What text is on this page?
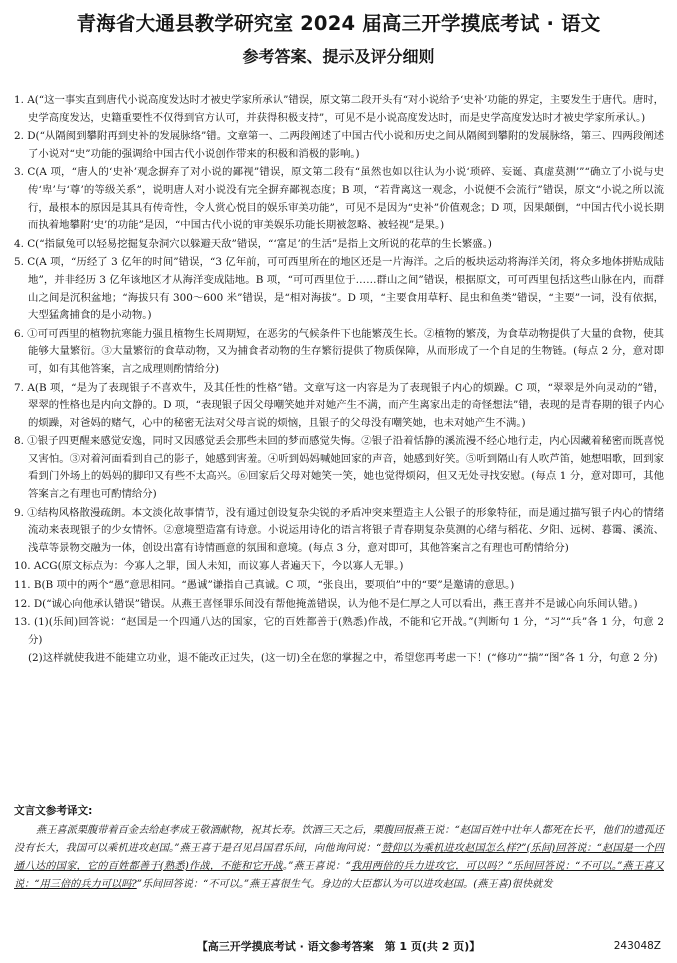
青海省大通县教学研究室 2024 届高三开学摸底考试 · 语文
参考答案、提示及评分细则

1. A(“这一事实直到唐代小说高度发达时才被史学家所承认”错误，原文第二段开头有“对小说给予‘史补’功能的界定，主要发生于唐代。唐时，史学高度发达，史籍重要性不仅得到官方认可，并获得积极支持”，可见不是小说高度发达时，而是史学高度发达时才被史学家所承认。)

2. D(“从隔阂到攀附再到史补的发展脉络”错。文章第一、二两段阐述了中国古代小说和历史之间从隔阂到攀附的发展脉络，第三、四两段阐述了小说对“史”功能的强调给中国古代小说创作带来的积极和消极的影响。)

3. C(A 项，“唐人的‘史补’观念摒弃了对小说的鄙视”错误，原文第二段有“虽然也如以往认为小说‘琐碎、妄诞、真虚莫测’”“确立了小说与史传‘卑’与‘尊’的等级关系”，说明唐人对小说没有完全摒弃鄙视态度；B 项，“若背离这一观念，小说便不会流行”错误，原文“小说之所以流行，最根本的原因是其具有传奇性，令人赏心悦目的娱乐审美功能”，可见不是因为“史补”价值观念；D 项，因果颠倒，“中国古代小说长期而执着地攀附‘史’的功能”是因，“中国古代小说的审美娱乐功能长期被忽略、被轻视”是果。)

4. C(“指鼠兔可以轻易挖掘复杂洞穴以躲避天敌”错误，“‘富足’的生活”是指上文所说的花草的生长繁盛。)

5. C(A 项，“历经了 3 亿年的时间”错误，“3 亿年前，可可西里所在的地区还是一片海洋。之后的板块运动将海洋关闭，将众多地体拼贴成陆地”，并非经历 3 亿年该地区才从海洋变成陆地。B 项，“可可西里位于……群山之间”错误，根据原文，可可西里包括这些山脉在内，而群山之间是沉积盆地；“海拔只有 300～600 米”错误，是“相对海拔”。D 项，“主要食用草籽、昆虫和鱼类”错误，“主要”一词，没有依据，大型猛禽捕食的是小动物。)

6. ①可可西里的植物抗寒能力强且植物生长周期短，在恶劣的气候条件下也能繁茂生长。②植物的繁茂，为食草动物提供了大量的食物，使其能够大量繁衍。③大量繁衍的食草动物，又为捕食者动物的生存繁衍提供了物质保障，从而形成了一个自足的生物链。(每点 2 分，意对即可，如有其他答案，言之成理则酌情给分)

7. A(B 项，“是为了表现银子不喜欢牛，及其任性的性格”错。文章写这一内容是为了表现银子内心的烦躁。C 项，“翠翠是外向灵动的”错，翠翠的性格也是内向文静的。D 项，“表现银子因父母嘲笑她并对她产生不满，而产生离家出走的奇怪想法”错，表现的是青春期的银子内心的烦躁，对爸妈的赌气，心中的秘密无法对父母言说的烦恼，且银子的父母没有嘲笑她，也未对她产生不满。)

8. ①银子四更醒来感觉安逸，同时又因感觉丢会那些未回的梦而感觉失悔。②银子沿着恬静的溪流漫不经心地行走，内心因藏着秘密而既喜悦又害怕。③对着河面看到自己的影子，她感到害羞。④听到妈妈喊她回家的声音，她感到好笑。⑤听到隔山有人吹芦笛，她想唱歌，回到家看到门外场上的妈妈的脚印又有些不太高兴。⑥回家后父母对她笑一笑，她也觉得烦闷，但又无处寻找安慰。(每点 1 分，意对即可，其他答案言之有理也可酌情给分)

9. ①结构风格散漫疏朗。本文淡化故事情节，没有通过创设复杂尖锐的矛盾冲突来塑造主人公银子的形象特征，而是通过描写银子内心的情绪流动来表现银子的少女情怀。②意境塑造富有诗意。小说运用诗化的语言将银子青春期复杂莫测的心绪与稻花、夕阳、远树、暮霭、溪流、浅草等景物交融为一体，创设出富有诗情画意的氛围和意境。(每点 3 分，意对即可，其他答案言之有理也可酌情给分)

10. ACG(原文标点为：今寡人之罪，国人未知，而议寡人者遍天下，今以寡人无罪。)

11. B(B 项中的两个“愚”意思相同。“愚诚”谦指自己真诚。C 项，“张良出，要项伯”中的“要”是邀请的意思。)

12. D(“诚心向他承认错误”错误。从燕王喜怪罪乐间没有帮他掩盖错误，认为他不是仁厚之人可以看出，燕王喜并不是诚心向乐间认错。)

13. (1)(乐间)回答说：“赵国是一个四通八达的国家，它的百姓都善于(熟悉)作战，不能和它开战。”(判断句 1 分，“习”“兵”各 1 分，句意 2 分)

(2)这样就使我进不能建立功业，退不能改正过失，(这一切)全在您的掌握之中，希望您再考虑一下！(“修功”“揣”“图”各 1 分，句意 2 分)

文言文参考译文:
燕王喜派栗腹带着百金去给赵孝成王敬酒献物，祝其长寿。饮酒三天之后，栗腹回报燕王说：“赵国百姓中壮年人都死在长平，他们的遗孤还没有长大，我国可以乘机进攻赵国。”燕王喜于是召见昌国君乐间，向他询问说：“赞仰以为乘机进攻赵国怎么样?”(乐间)回答说：“赵国是一个四通八达的国家，它的百姓都善于(熟悉)作战，不能和它开战。”燕王喜说：“我用两倍的兵力进攻它，可以吗？”乐间回答说：“不可以。”燕王喜又说：“用三倍的兵力可以吗?”乐间回答说：“不可以。”燕王喜很生气。身边的大臣都认为可以进攻赵国。(燕王喜)很快就发
【高三开学摸底考试 · 语文参考答案　第 1 页(共 2 页)】	243048Z
